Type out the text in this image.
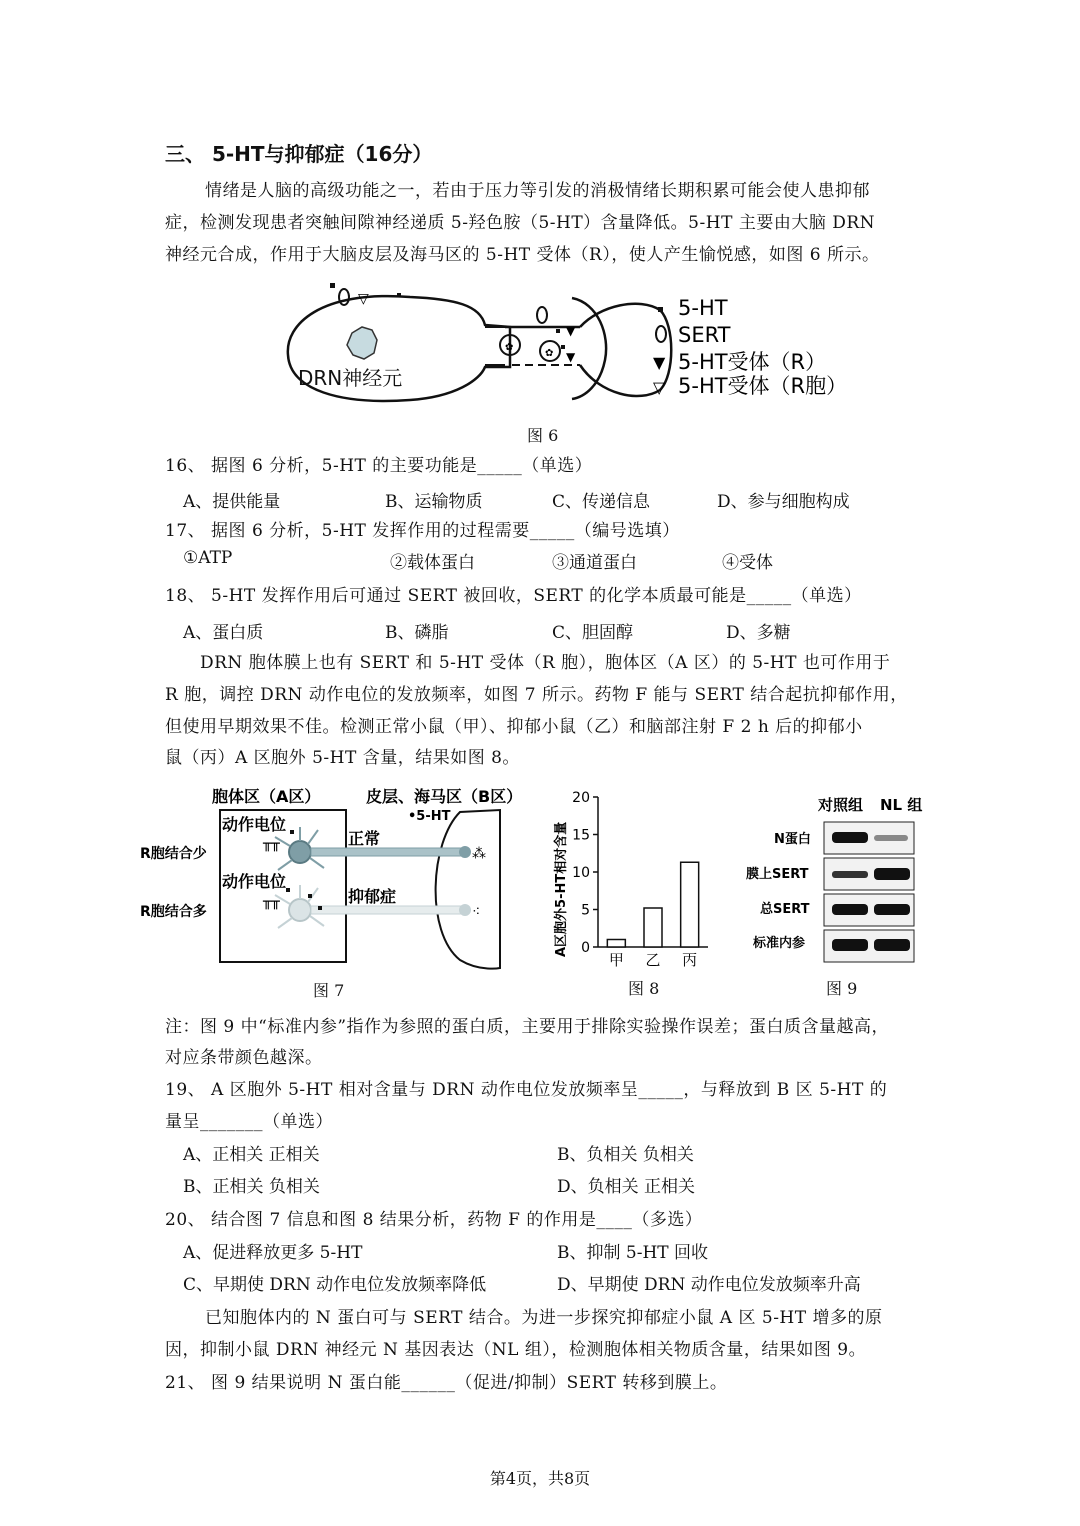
三、 5-HT与抑郁症（16分）
情绪是人脑的高级功能之一，若由于压力等引发的消极情绪长期积累可能会使人患抑郁
症，检测发现患者突触间隙神经递质 5-羟色胺（5-HT）含量降低。5-HT 主要由大脑 DRN
神经元合成，作用于大脑皮层及海马区的 5-HT 受体（R），使人产生愉悦感，如图 6 所示。
✿
✿
▽
▼
▼
DRN神经元
5-HT
SERT
▼ 5-HT受体（R）
▽ 5-HT受体（R胞）
图 6
16、 据图 6 分析，5-HT 的主要功能是_____（单选）
A、提供能量	B、运输物质	C、传递信息	D、参与细胞构成
17、 据图 6 分析，5-HT 发挥作用的过程需要_____（编号选填）
①ATP	②载体蛋白	③通道蛋白	④受体
18、 5-HT 发挥作用后可通过 SERT 被回收，SERT 的化学本质最可能是_____（单选）
A、蛋白质	B、磷脂	C、胆固醇	D、多糖
DRN 胞体膜上也有 SERT 和 5-HT 受体（R 胞），胞体区（A 区）的 5-HT 也可作用于
R 胞，调控 DRN 动作电位的发放频率，如图 7 所示。药物 F 能与 SERT 结合起抗抑郁作用，
但使用早期效果不佳。检测正常小鼠（甲）、抑郁小鼠（乙）和脑部注射 F 2 h 后的抑郁小
鼠（丙）A 区胞外 5-HT 含量，结果如图 8。
胞体区（A区）	皮层、海马区（B区）
•5-HT
动作电位
动作电位
R胞结合少
R胞结合多
正常
⁂
抑郁症
⁖
╥╥
╥╥
图 7
A区胞外5-HT相对含量 0
5
10
15
20
甲 乙 丙
图 8
对照组 NL 组
N蛋白
膜上SERT
总SERT
标准内参
图 9
注：图 9 中“标准内参”指作为参照的蛋白质，主要用于排除实验操作误差；蛋白质含量越高，
对应条带颜色越深。
19、 A 区胞外 5-HT 相对含量与 DRN 动作电位发放频率呈_____，与释放到 B 区 5-HT 的
量呈_______（单选）
A、正相关 正相关	B、负相关 负相关
B、正相关 负相关	D、负相关 正相关
20、 结合图 7 信息和图 8 结果分析，药物 F 的作用是____（多选）
A、促进释放更多 5-HT	B、抑制 5-HT 回收
C、早期使 DRN 动作电位发放频率降低	D、早期使 DRN 动作电位发放频率升高
已知胞体内的 N 蛋白可与 SERT 结合。为进一步探究抑郁症小鼠 A 区 5-HT 增多的原
因，抑制小鼠 DRN 神经元 N 基因表达（NL 组），检测胞体相关物质含量，结果如图 9。
21、 图 9 结果说明 N 蛋白能______（促进/抑制）SERT 转移到膜上。
第4页，共8页
